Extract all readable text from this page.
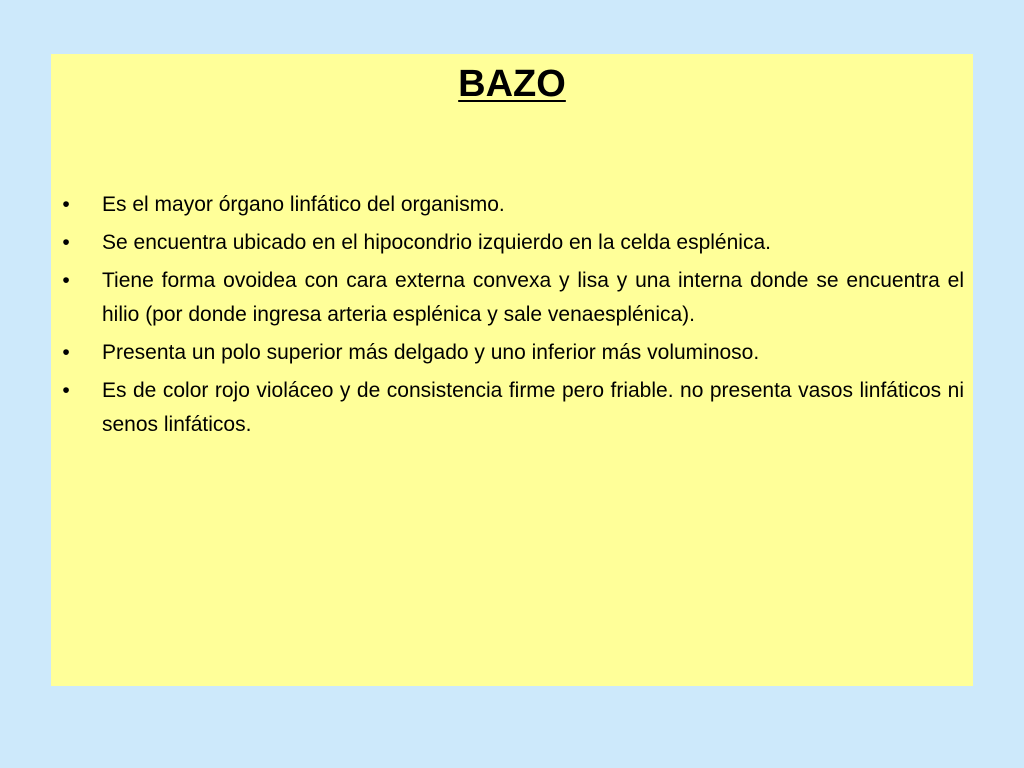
BAZO
• Es el mayor órgano linfático del organismo.
• Se encuentra ubicado en el hipocondrio izquierdo en la celda esplénica.
• Tiene forma ovoidea con cara externa convexa y lisa y una interna donde se encuentra el hilio (por donde ingresa arteria esplénica y sale venaesplénica).
• Presenta un polo superior más delgado y uno inferior más voluminoso.
• Es de color rojo violáceo y de consistencia firme pero friable. no presenta vasos linfáticos ni senos linfáticos.
